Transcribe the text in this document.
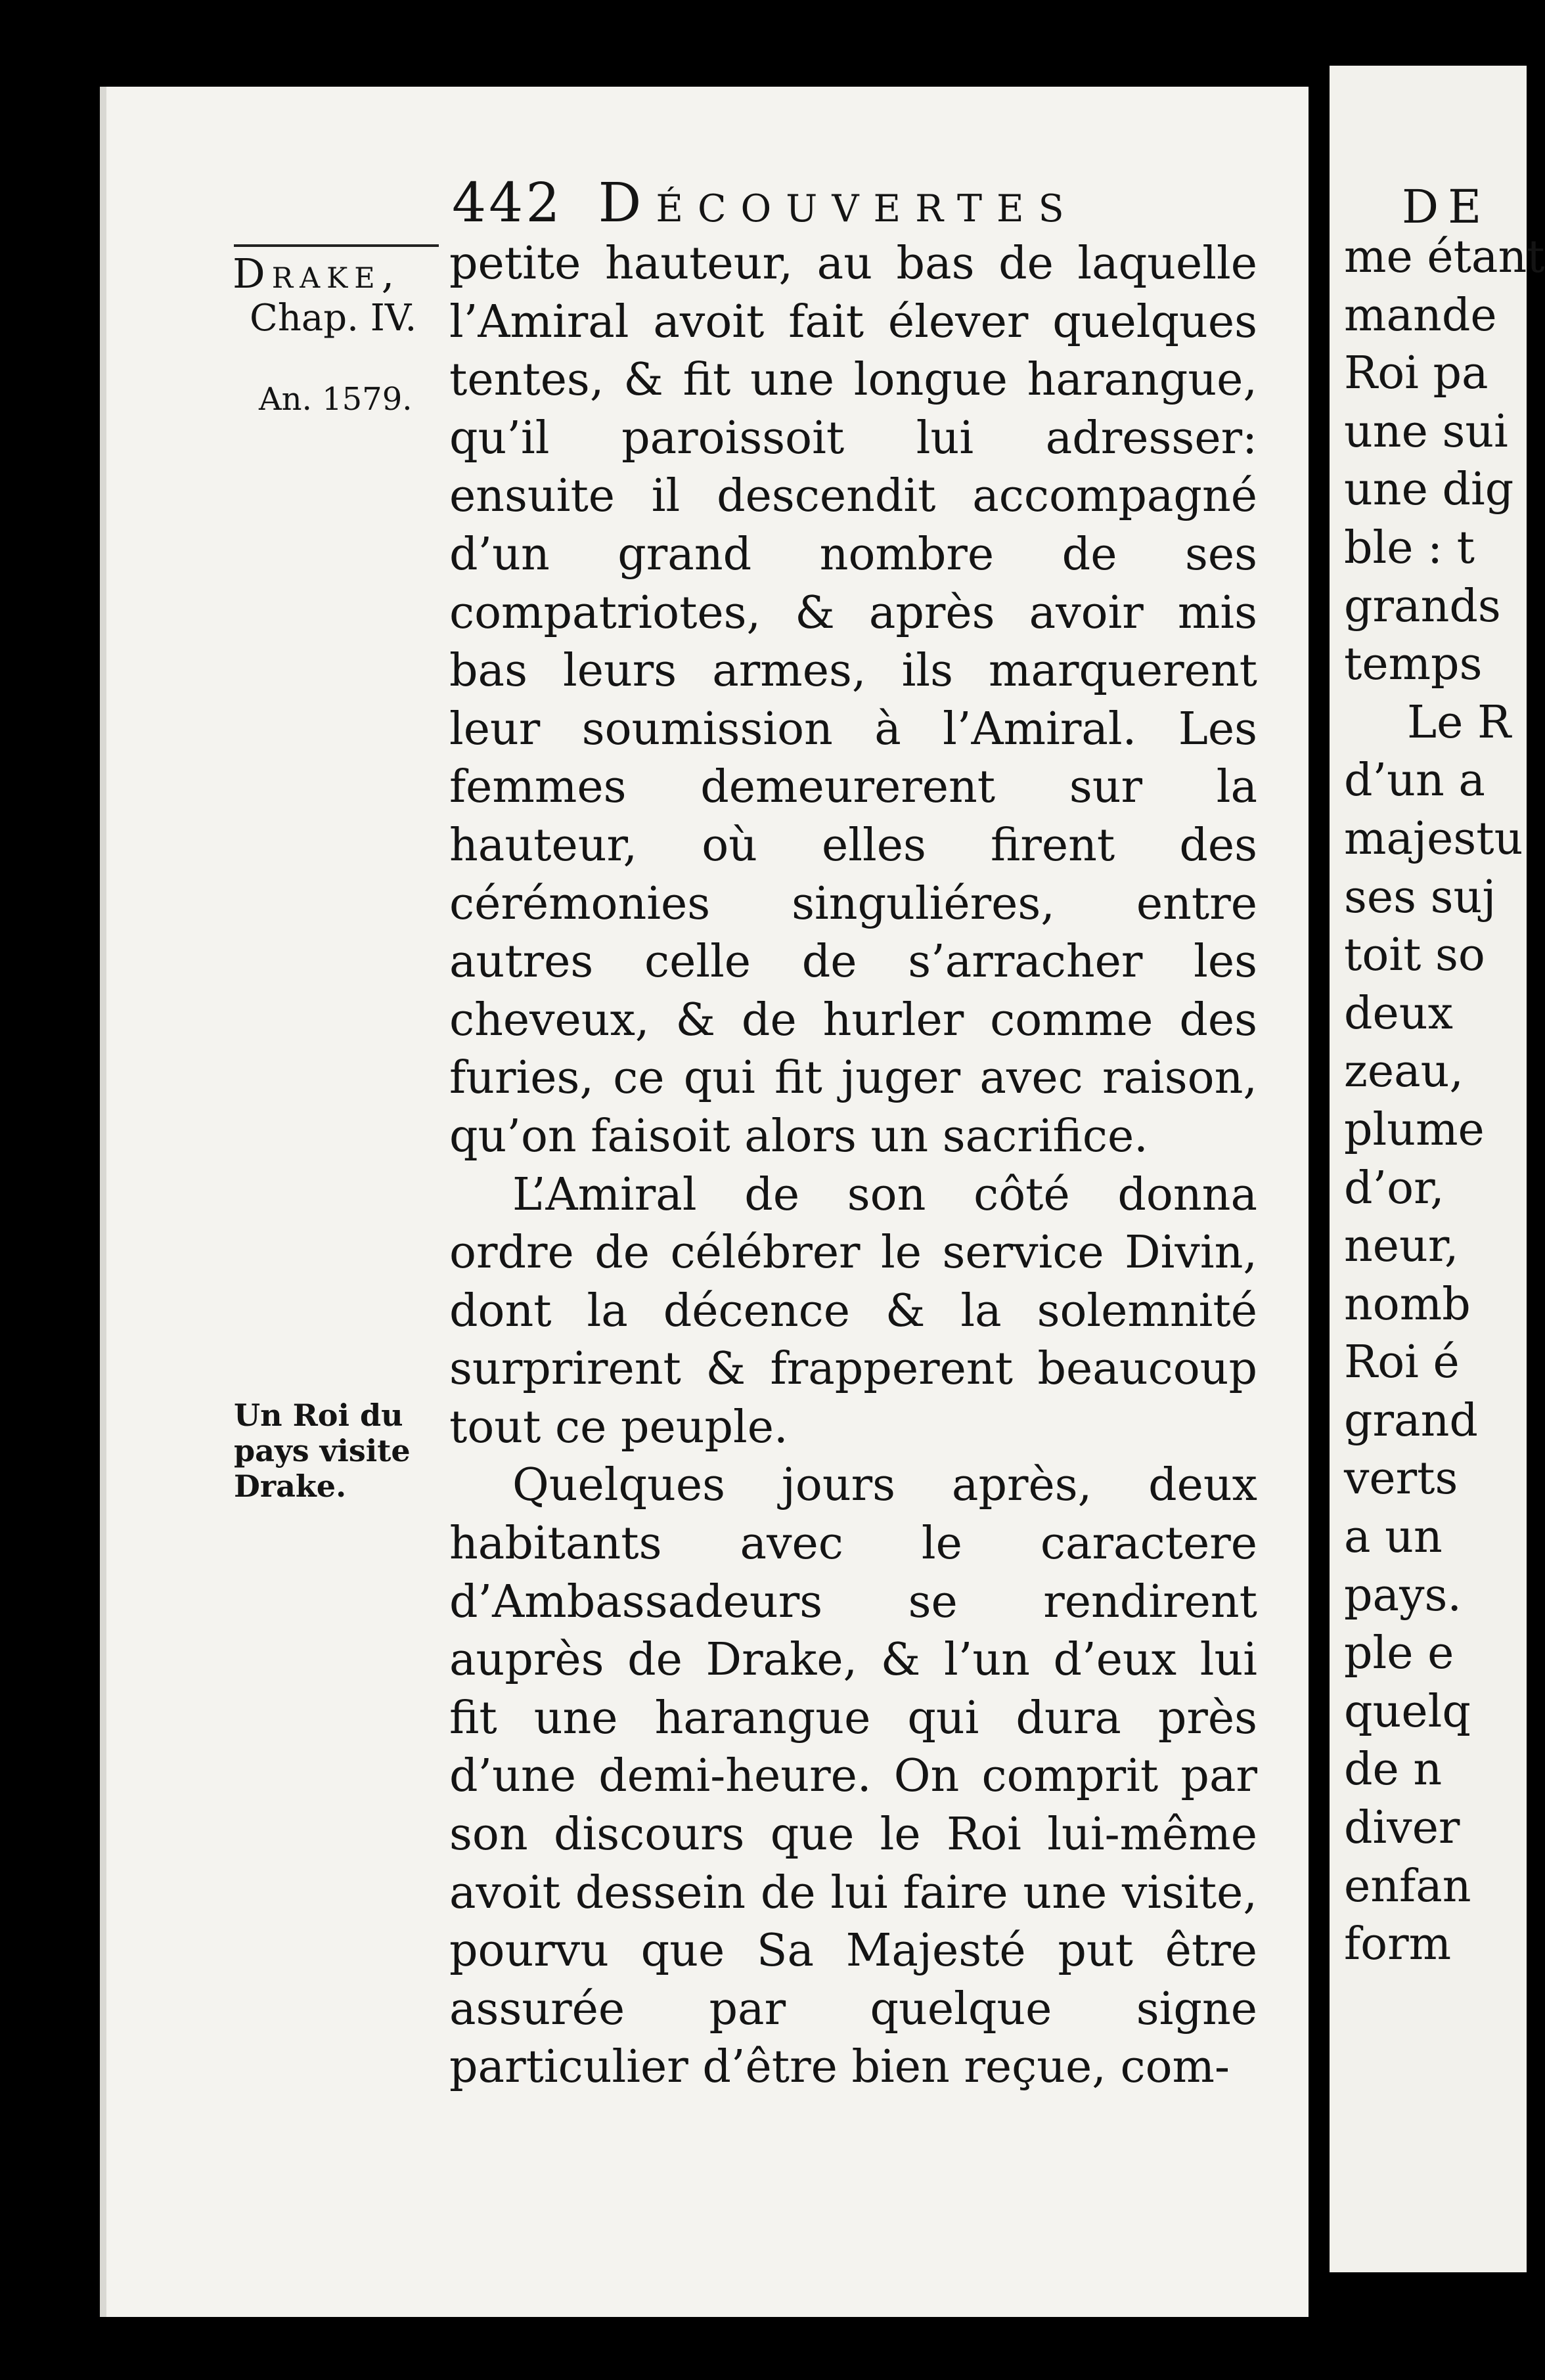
DE
me étant
mande
Roi pa
une sui
une dig
ble : t
grands
temps
Le R
d’un a
majestu
ses suj
toit so
deux
zeau,
plume
d’or,
neur,
nomb
Roi é
grand
verts
a un
pays.
ple e
quelq
de n
diver
enfan
form
442 Découvertes
Drake,
Chap. IV.
An. 1579.
Un Roi du pays visite Drake.

petite hauteur, au bas de laquelle l’Amiral avoit fait élever quelques tentes, & fit une longue harangue, qu’il paroissoit lui adresser: ensuite il descendit accompagné d’un grand nombre de ses compatriotes, & après avoir mis bas leurs armes, ils marquerent leur soumission à l’Amiral. Les femmes demeurerent sur la hauteur, où elles firent des cérémonies singuliéres, entre autres celle de s’arracher les cheveux, & de hurler comme des furies, ce qui fit juger avec raison, qu’on faisoit alors un sacrifice.

L’Amiral de son côté donna ordre de célébrer le service Divin, dont la décence & la solemnité surprirent & frapperent beaucoup tout ce peuple.

Quelques jours après, deux habitants avec le caractere d’Ambassadeurs se rendirent auprès de Drake, & l’un d’eux lui fit une harangue qui dura près d’une demi-heure. On comprit par son discours que le Roi lui-même avoit dessein de lui faire une visite, pourvu que Sa Majesté put être assurée par quelque signe particulier d’être bien reçue, com-
